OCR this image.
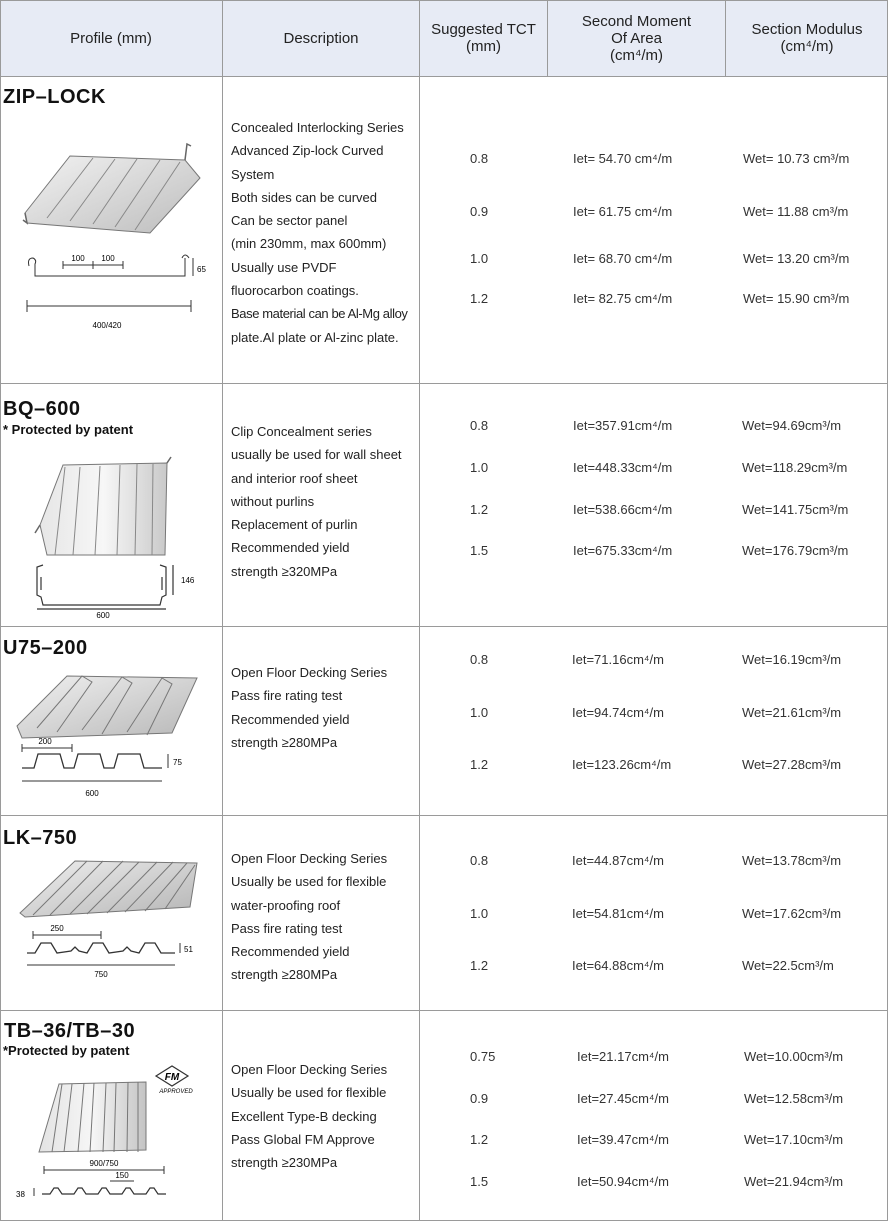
Profile (mm)	Description	Suggested TCT
(mm)
Second Moment
Of Area
(cm⁴/m)
Section Modulus
(cm⁴/m)
ZIP–LOCK
100 100
65
400/420
Concealed Interlocking Series
Advanced Zip-lock Curved
System
Both sides can be curved
Can be sector panel
(min 230mm, max 600mm)
Usually use PVDF
fluorocarbon coatings.
Base material can be Al-Mg alloy
plate.Al plate or Al-zinc plate.
0.8
0.9
1.0
1.2
Iet= 54.70 cm⁴/m
Iet= 61.75 cm⁴/m
Iet= 68.70 cm⁴/m
Iet= 82.75 cm⁴/m
Wet= 10.73 cm³/m
Wet= 11.88 cm³/m
Wet= 13.20 cm³/m
Wet= 15.90 cm³/m
BQ–600
* Protected by patent
146
600
Clip Concealment series
usually be used for wall sheet
and interior roof sheet
without purlins
Replacement of purlin
Recommended yield
strength ≥320MPa
0.8
1.0
1.2
1.5
Iet=357.91cm⁴/m
Iet=448.33cm⁴/m
Iet=538.66cm⁴/m
Iet=675.33cm⁴/m
Wet=94.69cm³/m
Wet=118.29cm³/m
Wet=141.75cm³/m
Wet=176.79cm³/m
U75–200
200
75
600
Open Floor Decking Series
Pass fire rating test
Recommended yield
strength ≥280MPa
0.8
1.0
1.2
Iet=71.16cm⁴/m
Iet=94.74cm⁴/m
Iet=123.26cm⁴/m
Wet=16.19cm³/m
Wet=21.61cm³/m
Wet=27.28cm³/m
LK–750
250
51
750
Open Floor Decking Series
Usually be used for flexible
water-proofing roof
Pass fire rating test
Recommended yield
strength ≥280MPa
0.8
1.0
1.2
Iet=44.87cm⁴/m
Iet=54.81cm⁴/m
Iet=64.88cm⁴/m
Wet=13.78cm³/m
Wet=17.62cm³/m
Wet=22.5cm³/m
TB–36/TB–30
*Protected by patent
FM
APPROVED
900/750
150
38
Open Floor Decking Series
Usually be used for flexible
Excellent Type-B decking
Pass Global FM Approve
strength ≥230MPa
0.75
0.9
1.2
1.5
Iet=21.17cm⁴/m
Iet=27.45cm⁴/m
Iet=39.47cm⁴/m
Iet=50.94cm⁴/m
Wet=10.00cm³/m
Wet=12.58cm³/m
Wet=17.10cm³/m
Wet=21.94cm³/m
